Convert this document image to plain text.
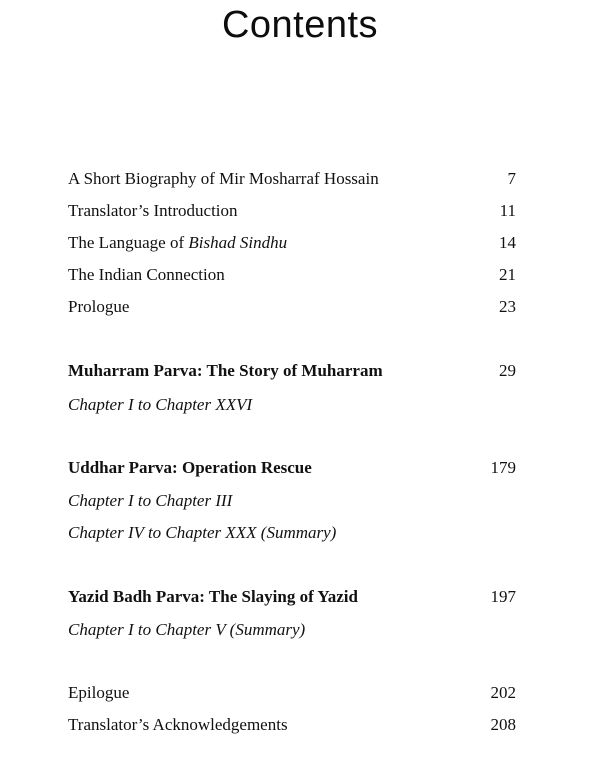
Contents
A Short Biography of Mir Mosharraf Hossain	7
Translator’s Introduction	11
The Language of Bishad Sindhu	14
The Indian Connection	21
Prologue	23
Muharram Parva: The Story of Muharram	29
Chapter I to Chapter XXVI
Uddhar Parva: Operation Rescue	179
Chapter I to Chapter III
Chapter IV to Chapter XXX (Summary)
Yazid Badh Parva: The Slaying of Yazid	197
Chapter I to Chapter V (Summary)
Epilogue	202
Translator’s Acknowledgements	208
